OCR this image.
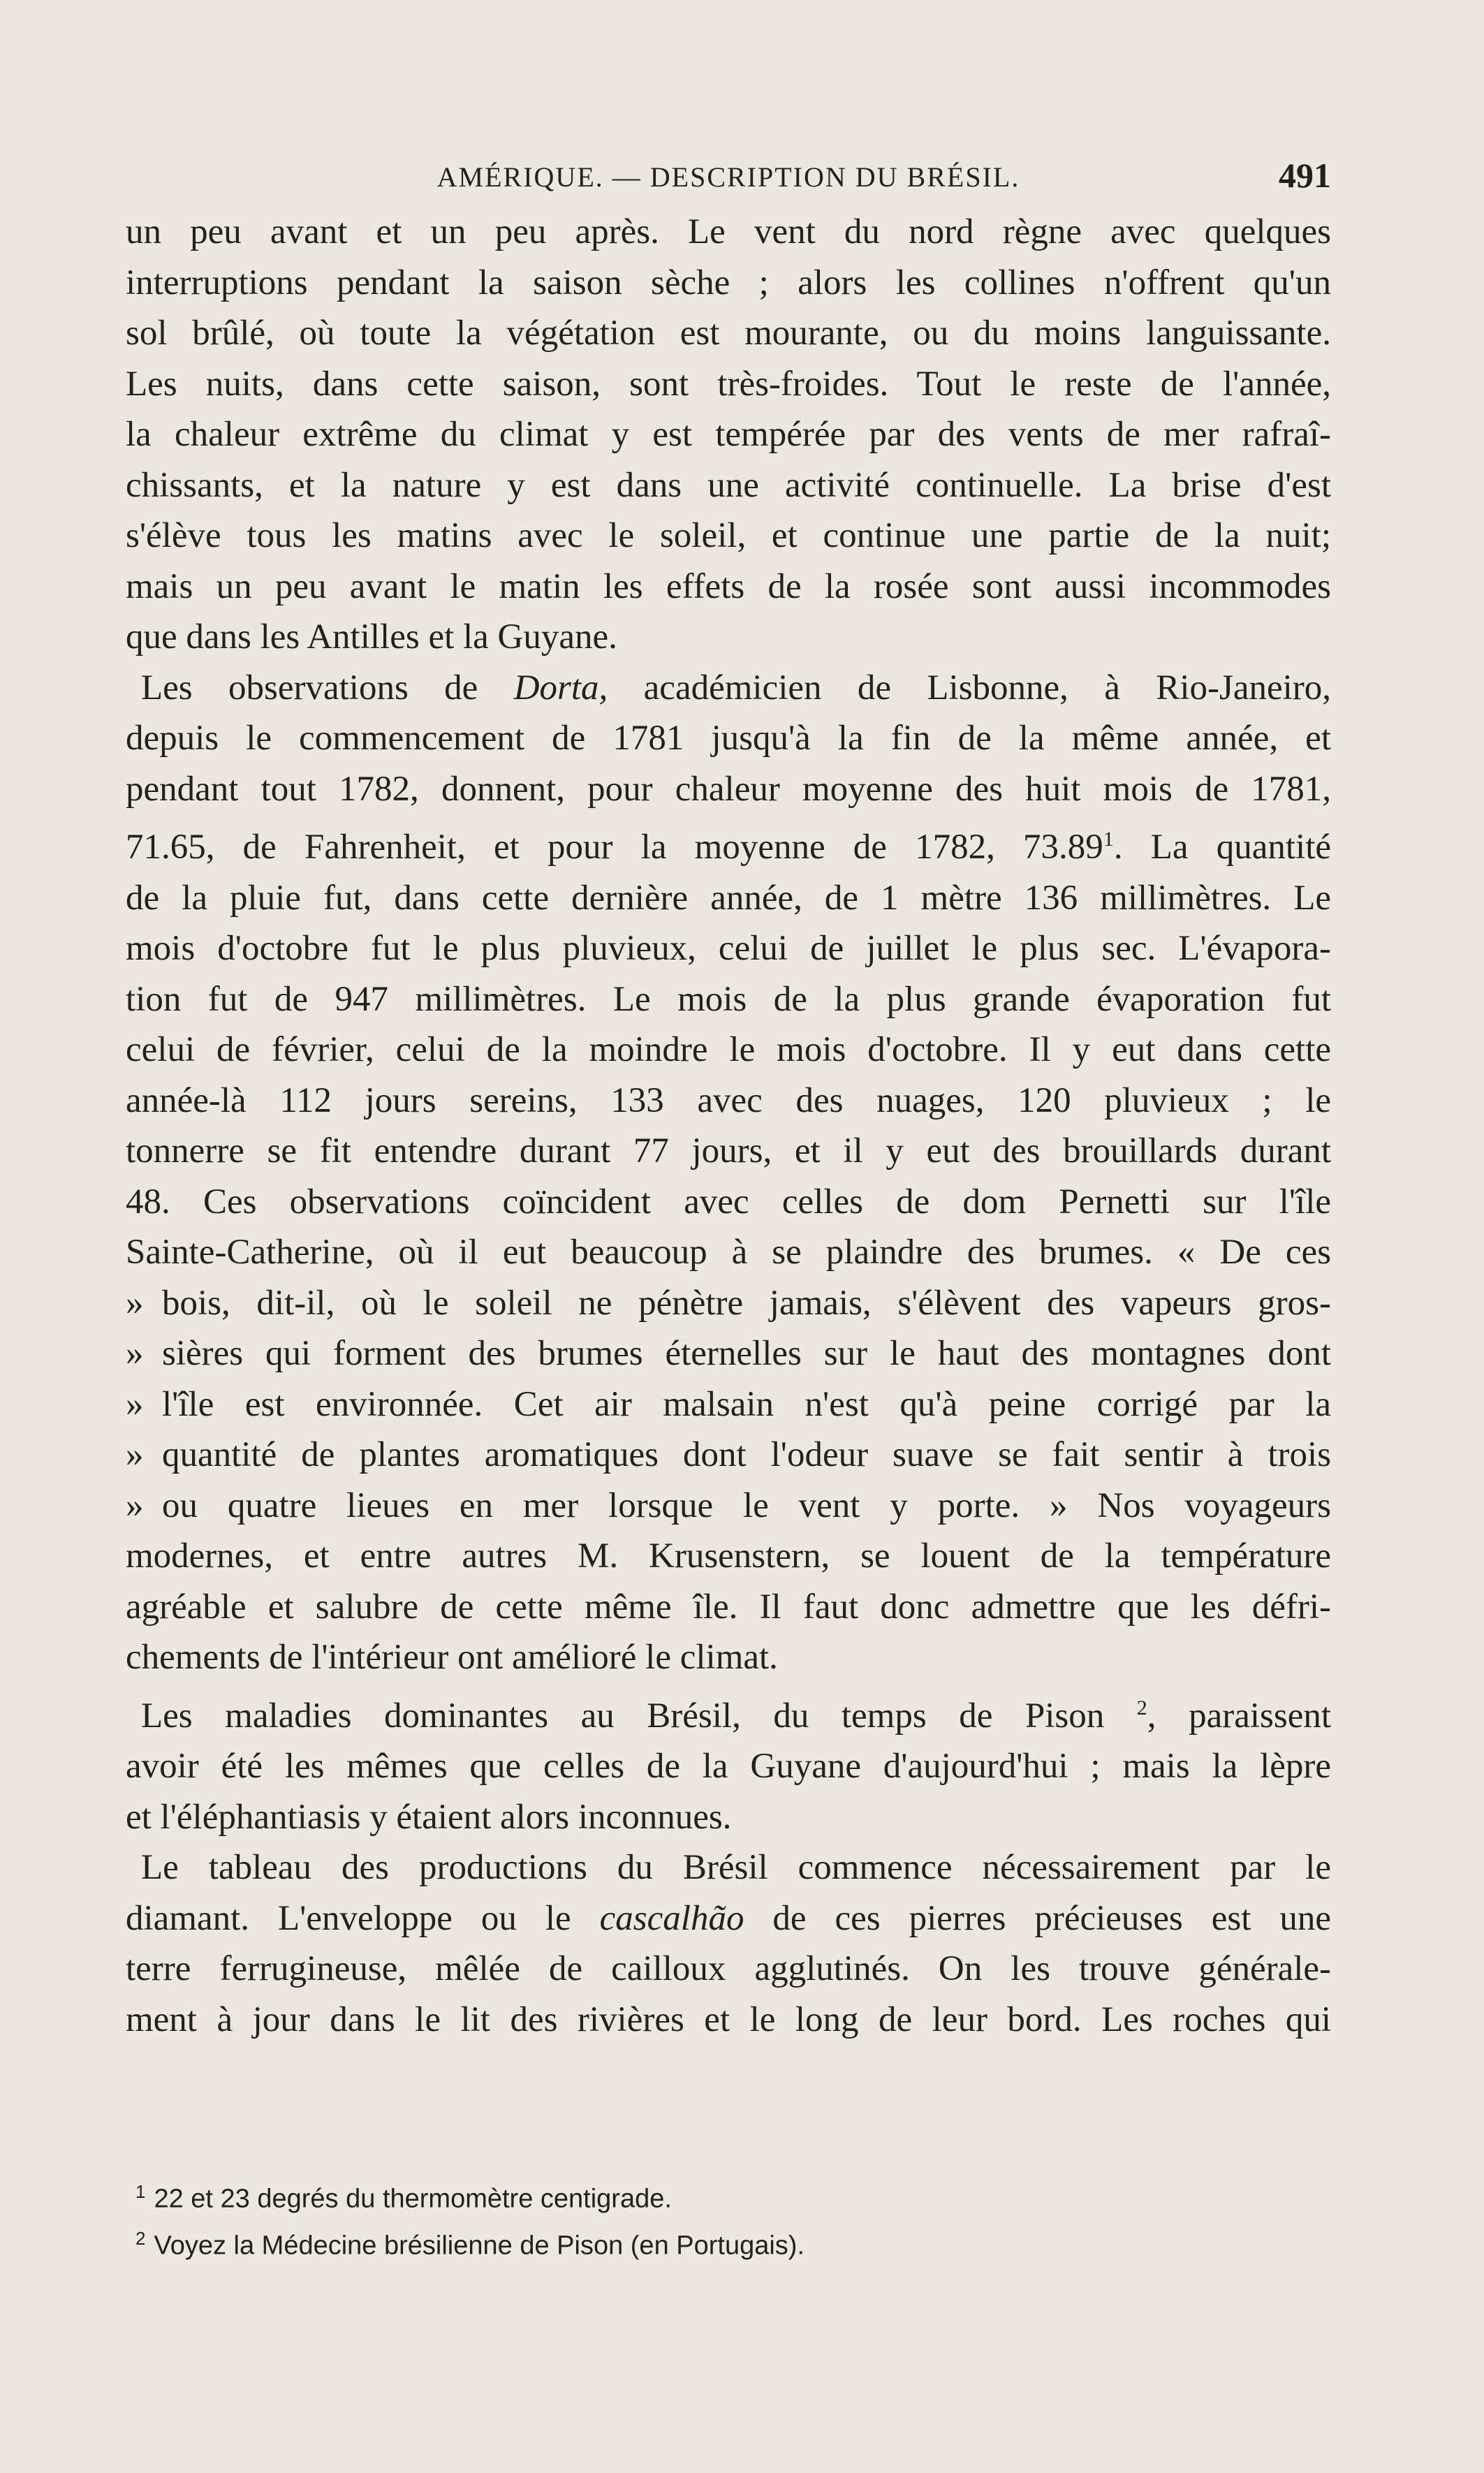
AMÉRIQUE. — DESCRIPTION DU BRÉSIL.	491

un peu avant et un peu après. Le vent du nord règne avec quelques

interruptions pendant la saison sèche ; alors les collines n'offrent qu'un

sol brûlé, où toute la végétation est mourante, ou du moins languissante.

Les nuits, dans cette saison, sont très-froides. Tout le reste de l'année,

la chaleur extrême du climat y est tempérée par des vents de mer rafraî-

chissants, et la nature y est dans une activité continuelle. La brise d'est

s'élève tous les matins avec le soleil, et continue une partie de la nuit;

mais un peu avant le matin les effets de la rosée sont aussi incommodes

que dans les Antilles et la Guyane.

Les observations de Dorta, académicien de Lisbonne, à Rio-Janeiro,

depuis le commencement de 1781 jusqu'à la fin de la même année, et

pendant tout 1782, donnent, pour chaleur moyenne des huit mois de 1781,

71.65, de Fahrenheit, et pour la moyenne de 1782, 73.89$^1$. La quantité

de la pluie fut, dans cette dernière année, de 1 mètre 136 millimètres. Le

mois d'octobre fut le plus pluvieux, celui de juillet le plus sec. L'évapora-

tion fut de 947 millimètres. Le mois de la plus grande évaporation fut

celui de février, celui de la moindre le mois d'octobre. Il y eut dans cette

année-là 112 jours sereins, 133 avec des nuages, 120 pluvieux ; le

tonnerre se fit entendre durant 77 jours, et il y eut des brouillards durant

48. Ces observations coïncident avec celles de dom Pernetti sur l'île

Sainte-Catherine, où il eut beaucoup à se plaindre des brumes. « De ces

» bois, dit-il, où le soleil ne pénètre jamais, s'élèvent des vapeurs gros-

» sières qui forment des brumes éternelles sur le haut des montagnes dont

» l'île est environnée. Cet air malsain n'est qu'à peine corrigé par la

» quantité de plantes aromatiques dont l'odeur suave se fait sentir à trois

» ou quatre lieues en mer lorsque le vent y porte. » Nos voyageurs

modernes, et entre autres M. Krusenstern, se louent de la température

agréable et salubre de cette même île. Il faut donc admettre que les défri-

chements de l'intérieur ont amélioré le climat.

Les maladies dominantes au Brésil, du temps de Pison $^2$, paraissent

avoir été les mêmes que celles de la Guyane d'aujourd'hui ; mais la lèpre

et l'éléphantiasis y étaient alors inconnues.

Le tableau des productions du Brésil commence nécessairement par le

diamant. L'enveloppe ou le cascalhão de ces pierres précieuses est une

terre ferrugineuse, mêlée de cailloux agglutinés. On les trouve générale-

ment à jour dans le lit des rivières et le long de leur bord. Les roches qui

$^1$ 22 et 23 degrés du thermomètre centigrade.

$^2$ Voyez la Médecine brésilienne de Pison (en Portugais).
